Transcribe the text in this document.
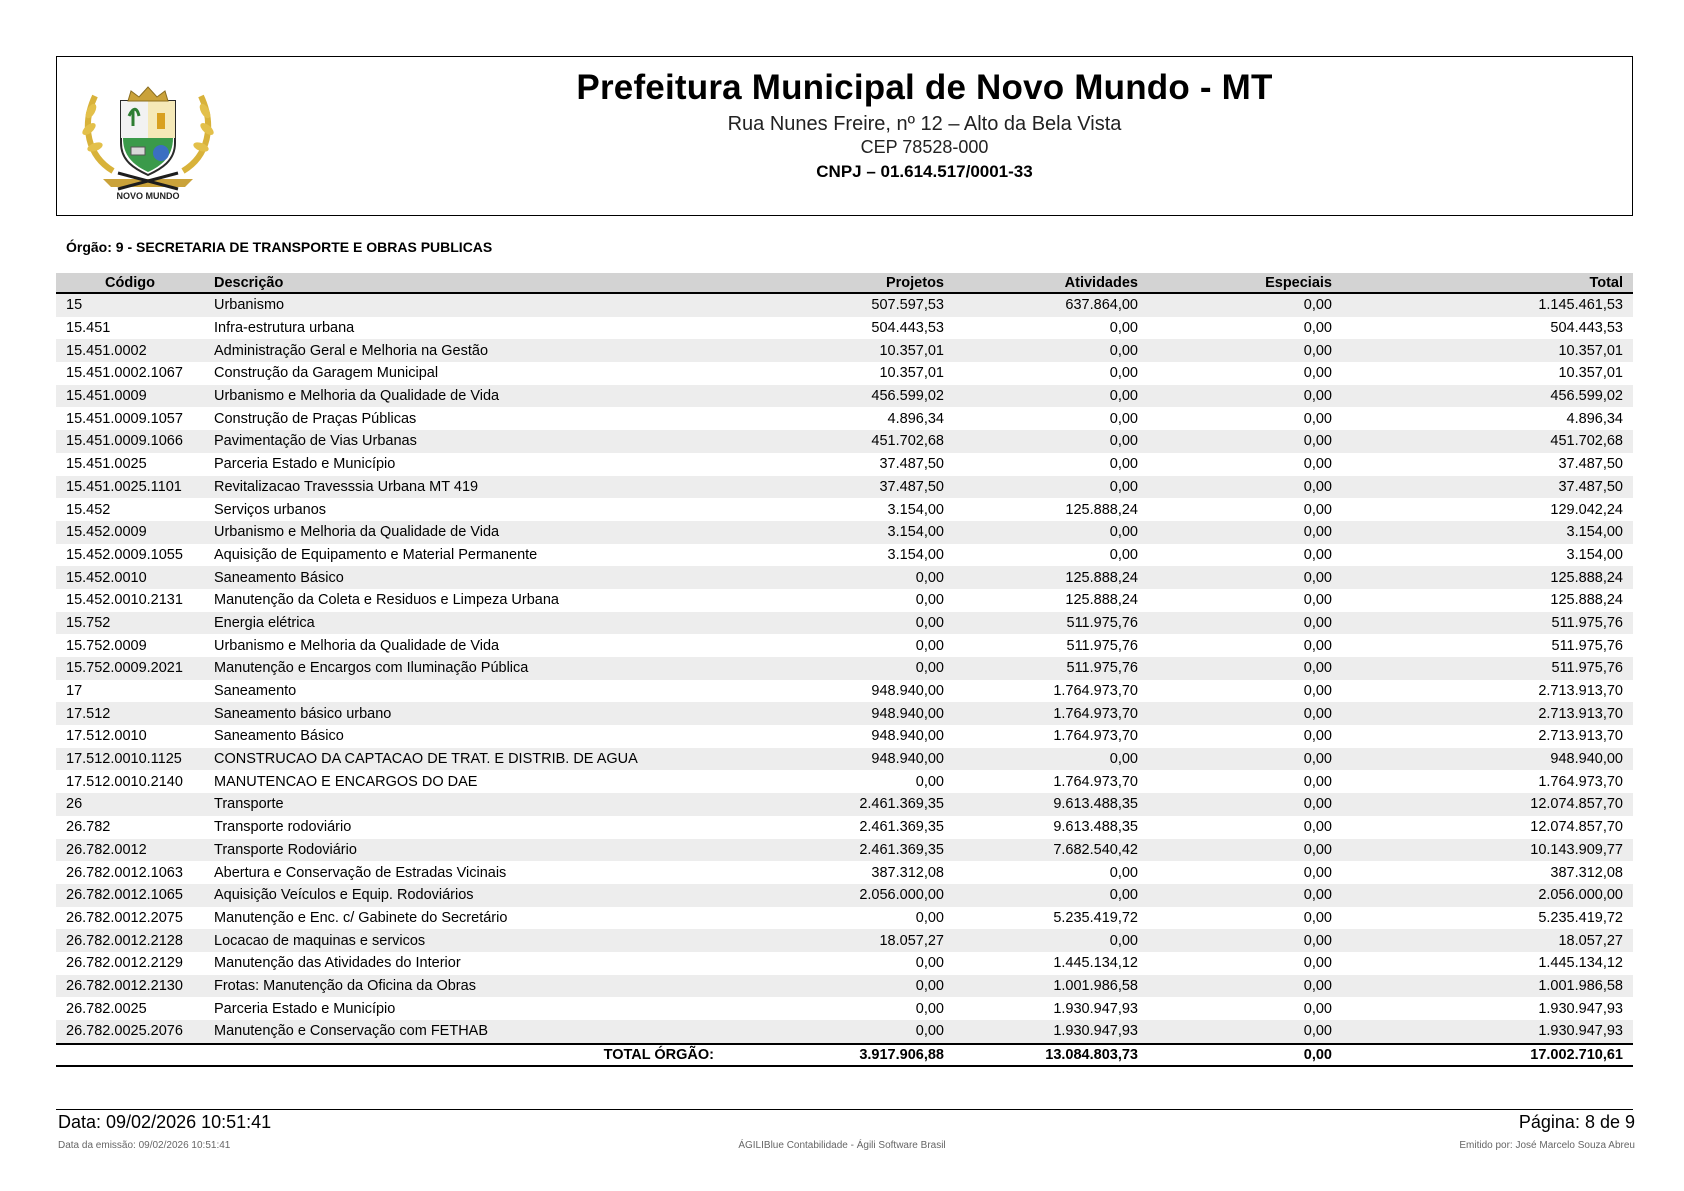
NOVO MUNDO
Prefeitura Municipal de Novo Mundo - MT
Rua Nunes Freire, nº 12 – Alto da Bela Vista
CEP 78528-000
CNPJ – 01.614.517/0001-33
Órgão: 9 - SECRETARIA DE TRANSPORTE E OBRAS PUBLICAS
Código	Descrição	Projetos	Atividades	Especiais	Total
15	Urbanismo	507.597,53	637.864,00	0,00	1.145.461,53
15.451	Infra-estrutura urbana	504.443,53	0,00	0,00	504.443,53
15.451.0002	Administração Geral e Melhoria na Gestão	10.357,01	0,00	0,00	10.357,01
15.451.0002.1067	Construção da Garagem Municipal	10.357,01	0,00	0,00	10.357,01
15.451.0009	Urbanismo e Melhoria da Qualidade de Vida	456.599,02	0,00	0,00	456.599,02
15.451.0009.1057	Construção de Praças Públicas	4.896,34	0,00	0,00	4.896,34
15.451.0009.1066	Pavimentação de Vias Urbanas	451.702,68	0,00	0,00	451.702,68
15.451.0025	Parceria Estado e Município	37.487,50	0,00	0,00	37.487,50
15.451.0025.1101	Revitalizacao Travesssia Urbana MT 419	37.487,50	0,00	0,00	37.487,50
15.452	Serviços urbanos	3.154,00	125.888,24	0,00	129.042,24
15.452.0009	Urbanismo e Melhoria da Qualidade de Vida	3.154,00	0,00	0,00	3.154,00
15.452.0009.1055	Aquisição de Equipamento e Material Permanente	3.154,00	0,00	0,00	3.154,00
15.452.0010	Saneamento Básico	0,00	125.888,24	0,00	125.888,24
15.452.0010.2131	Manutenção da Coleta e Residuos e Limpeza Urbana	0,00	125.888,24	0,00	125.888,24
15.752	Energia elétrica	0,00	511.975,76	0,00	511.975,76
15.752.0009	Urbanismo e Melhoria da Qualidade de Vida	0,00	511.975,76	0,00	511.975,76
15.752.0009.2021	Manutenção e Encargos com Iluminação Pública	0,00	511.975,76	0,00	511.975,76
17	Saneamento	948.940,00	1.764.973,70	0,00	2.713.913,70
17.512	Saneamento básico urbano	948.940,00	1.764.973,70	0,00	2.713.913,70
17.512.0010	Saneamento Básico	948.940,00	1.764.973,70	0,00	2.713.913,70
17.512.0010.1125	CONSTRUCAO DA CAPTACAO DE TRAT. E DISTRIB. DE AGUA	948.940,00	0,00	0,00	948.940,00
17.512.0010.2140	MANUTENCAO E ENCARGOS DO DAE	0,00	1.764.973,70	0,00	1.764.973,70
26	Transporte	2.461.369,35	9.613.488,35	0,00	12.074.857,70
26.782	Transporte rodoviário	2.461.369,35	9.613.488,35	0,00	12.074.857,70
26.782.0012	Transporte Rodoviário	2.461.369,35	7.682.540,42	0,00	10.143.909,77
26.782.0012.1063	Abertura e Conservação de Estradas Vicinais	387.312,08	0,00	0,00	387.312,08
26.782.0012.1065	Aquisição Veículos e Equip. Rodoviários	2.056.000,00	0,00	0,00	2.056.000,00
26.782.0012.2075	Manutenção e Enc. c/ Gabinete do Secretário	0,00	5.235.419,72	0,00	5.235.419,72
26.782.0012.2128	Locacao de maquinas e servicos	18.057,27	0,00	0,00	18.057,27
26.782.0012.2129	Manutenção das Atividades do Interior	0,00	1.445.134,12	0,00	1.445.134,12
26.782.0012.2130	Frotas: Manutenção da Oficina da Obras	0,00	1.001.986,58	0,00	1.001.986,58
26.782.0025	Parceria Estado e Município	0,00	1.930.947,93	0,00	1.930.947,93
26.782.0025.2076	Manutenção e Conservação com FETHAB	0,00	1.930.947,93	0,00	1.930.947,93
	TOTAL ÓRGÃO:	3.917.906,88	13.084.803,73	0,00	17.002.710,61
Data: 09/02/2026 10:51:41	Página: 8 de 9
Data da emissão: 09/02/2026 10:51:41	ÁGILIBlue Contabilidade - Ágili Software Brasil	Emitido por: José Marcelo Souza Abreu
